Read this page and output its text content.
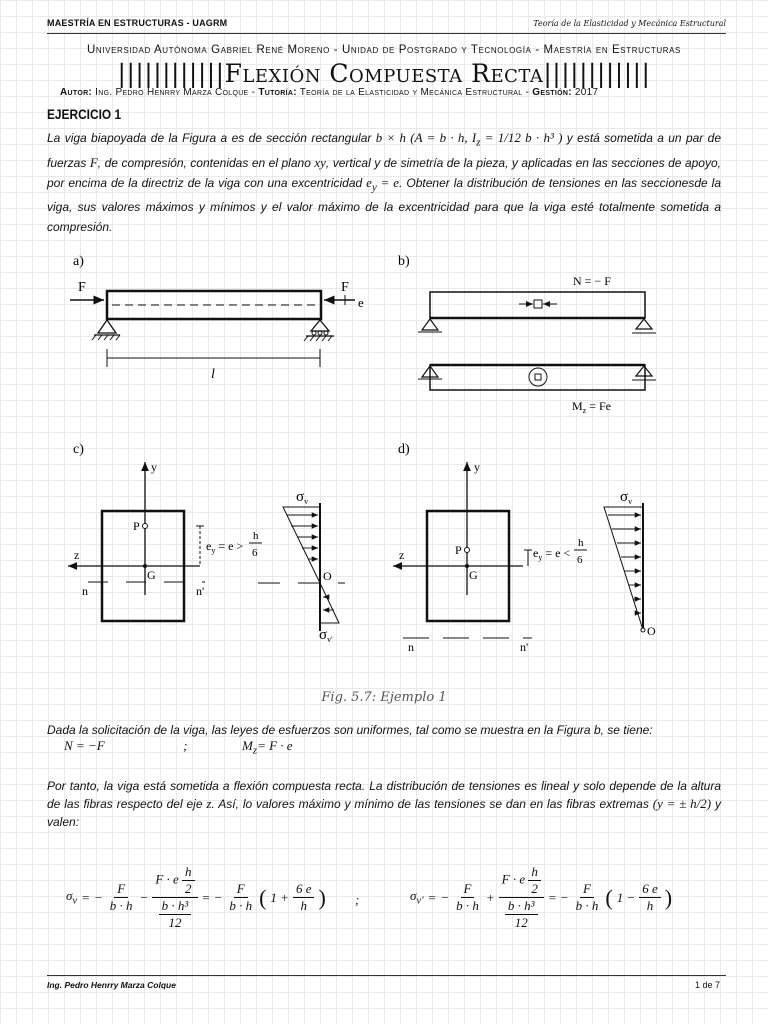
MAESTRÍA EN ESTRUCTURAS - UAGRM	Teoría de la Elasticidad y Mecánica Estructural
Universidad Autónoma Gabriel René Moreno - Unidad de Postgrado y Tecnología - Maestría en Estructuras
||||||||||||Flexión Compuesta Recta||||||||||||
Autor: Ing. Pedro Henrry Marza Colque - Tutoría: Teoría de la Elasticidad y Mecánica Estructural - Gestión: 2017
EJERCICIO 1
La viga biapoyada de la Figura a es de sección rectangular b × h (A = b · h, $I_z = 1/12$ b · h³ ) y está sometida a un par de fuerzas F, de compresión, contenidas en el plano xy, vertical y de simetría de la pieza, y aplicadas en las secciones de apoyo, por encima de la directriz de la viga con una excentricidad $e_y = e$. Obtener la distribución de tensiones en las seccionesde la viga, sus valores máximos y mínimos y el valor máximo de la excentricidad para que la viga esté totalmente sometida a compresión.
a)
F	F
e
l
b)
N = − F
$M_z = Fe$
c)
y
z
n	n'
P
G
$e_y = e$ >
h
6
O
$\sigma_v$
$\sigma_{v'}$
d)
y
z
n	n'
P
G
$e_y = e$ <
h
6
O
$\sigma_v$
Fig. 5.7: Ejemplo 1
Dada la solicitación de la viga, las leyes de esfuerzos son uniformes, tal como se muestra en la Figura b, se tiene:
N = −F	;	$M_z= F \cdot e$
Por tanto, la viga está sometida a flexión compuesta recta. La distribución de tensiones es lineal y solo depende de la altura de las fibras respecto del eje z. Así, lo valores máximo y mínimo de las tensiones se dan en las fibras extremas (y = ± h/2) y valen:
$\sigma_v$ = − $\frac{F}{b \cdot h} - \frac{F \cdot e \frac{h}{2}}{\frac{\text{b · h³}}{12}}$ = − $\frac{F}{b \cdot h}$ ( $1 + \frac{6 e}{h}$ ) ;	$\sigma_{v'}$ = − $\frac{F}{b \cdot h} + \frac{F \cdot e \frac{h}{2}}{\frac{\text{b · h³}}{12}}$ = − $\frac{F}{b \cdot h}$ ( $1 - \frac{6 e}{h}$ )
Ing. Pedro Henrry Marza Colque	1 de 7
